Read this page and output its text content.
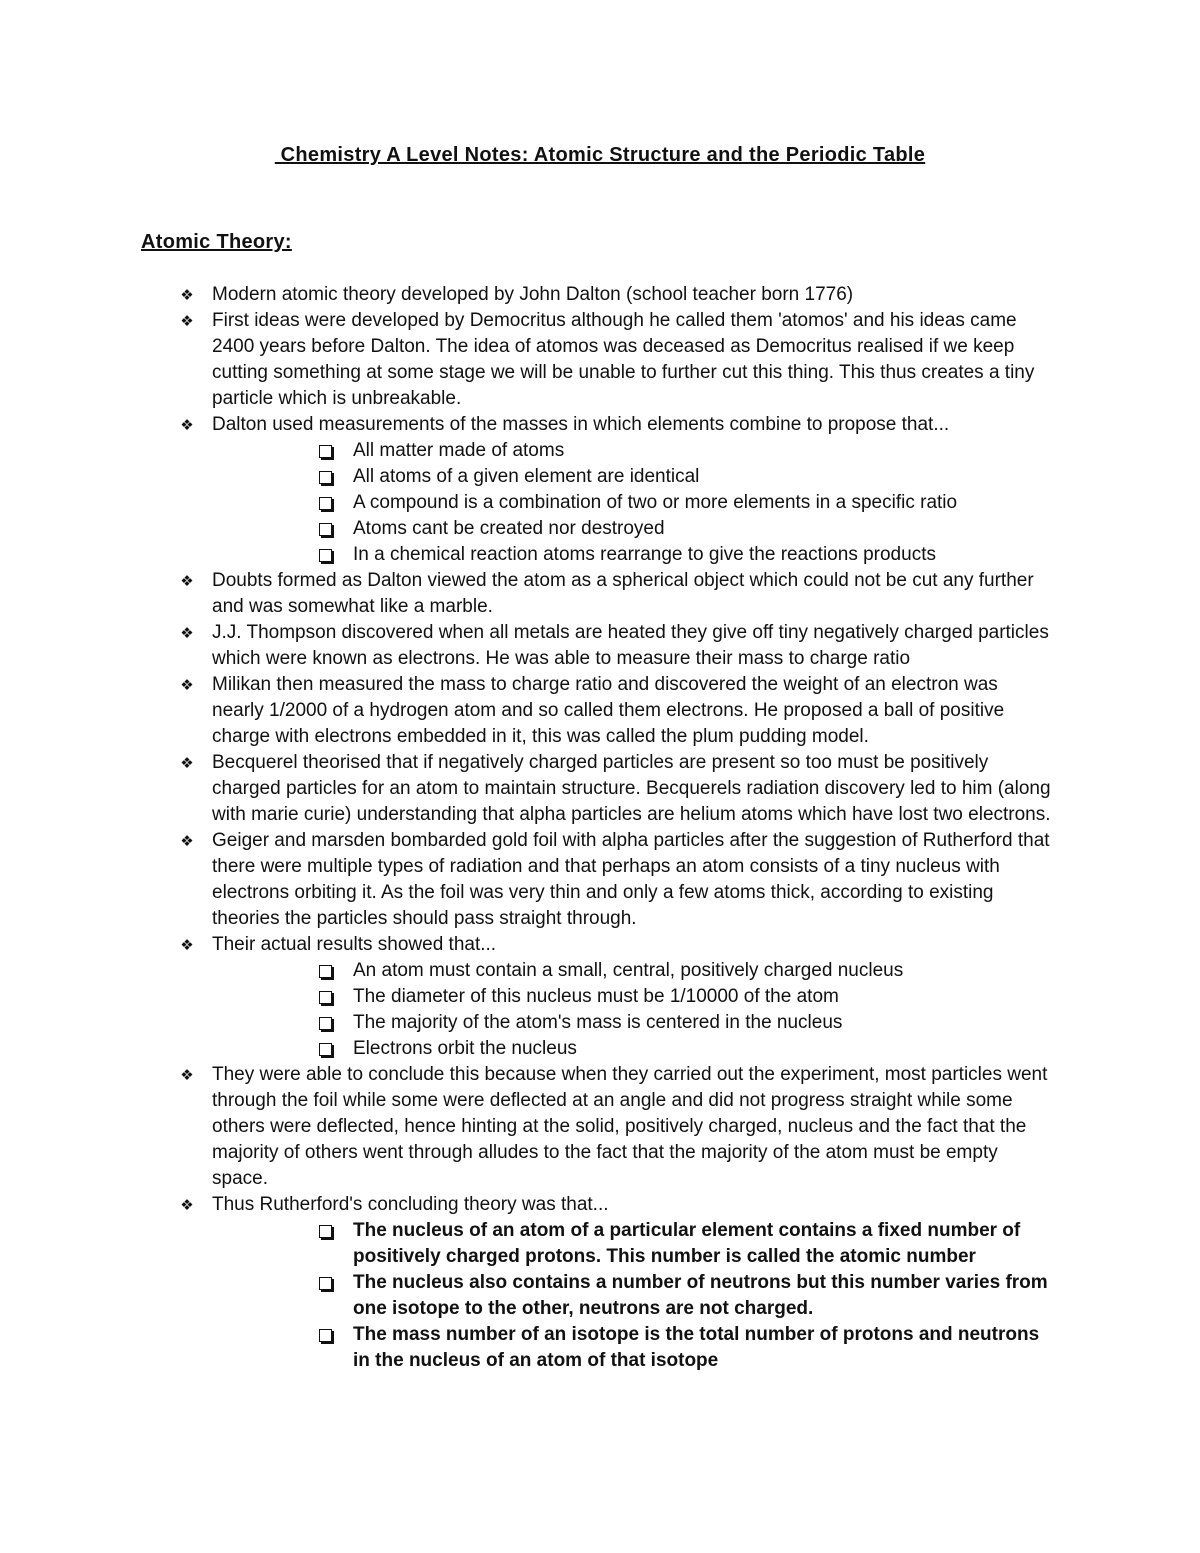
Chemistry A Level Notes: Atomic Structure and the Periodic Table
Atomic Theory:
❖ Modern atomic theory developed by John Dalton (school teacher born 1776)
❖ First ideas were developed by Democritus although he called them 'atomos' and his ideas came 2400 years before Dalton. The idea of atomos was deceased as Democritus realised if we keep cutting something at some stage we will be unable to further cut this thing. This thus creates a tiny particle which is unbreakable.
❖ Dalton used measurements of the masses in which elements combine to propose that...
All matter made of atoms
All atoms of a given element are identical
A compound is a combination of two or more elements in a specific ratio
Atoms cant be created nor destroyed
In a chemical reaction atoms rearrange to give the reactions products
❖ Doubts formed as Dalton viewed the atom as a spherical object which could not be cut any further and was somewhat like a marble.
❖ J.J. Thompson discovered when all metals are heated they give off tiny negatively charged particles which were known as electrons. He was able to measure their mass to charge ratio
❖ Milikan then measured the mass to charge ratio and discovered the weight of an electron was nearly 1/2000 of a hydrogen atom and so called them electrons. He proposed a ball of positive charge with electrons embedded in it, this was called the plum pudding model.
❖ Becquerel theorised that if negatively charged particles are present so too must be positively charged particles for an atom to maintain structure. Becquerels radiation discovery led to him (along with marie curie) understanding that alpha particles are helium atoms which have lost two electrons.
❖ Geiger and marsden bombarded gold foil with alpha particles after the suggestion of Rutherford that there were multiple types of radiation and that perhaps an atom consists of a tiny nucleus with electrons orbiting it. As the foil was very thin and only a few atoms thick, according to existing theories the particles should pass straight through.
❖ Their actual results showed that...
An atom must contain a small, central, positively charged nucleus
The diameter of this nucleus must be 1/10000 of the atom
The majority of the atom's mass is centered in the nucleus
Electrons orbit the nucleus
❖ They were able to conclude this because when they carried out the experiment, most particles went through the foil while some were deflected at an angle and did not progress straight while some others were deflected, hence hinting at the solid, positively charged, nucleus and the fact that the majority of others went through alludes to the fact that the majority of the atom must be empty space.
❖ Thus Rutherford's concluding theory was that...
The nucleus of an atom of a particular element contains a fixed number of positively charged protons. This number is called the atomic number
The nucleus also contains a number of neutrons but this number varies from one isotope to the other, neutrons are not charged.
The mass number of an isotope is the total number of protons and neutrons in the nucleus of an atom of that isotope
